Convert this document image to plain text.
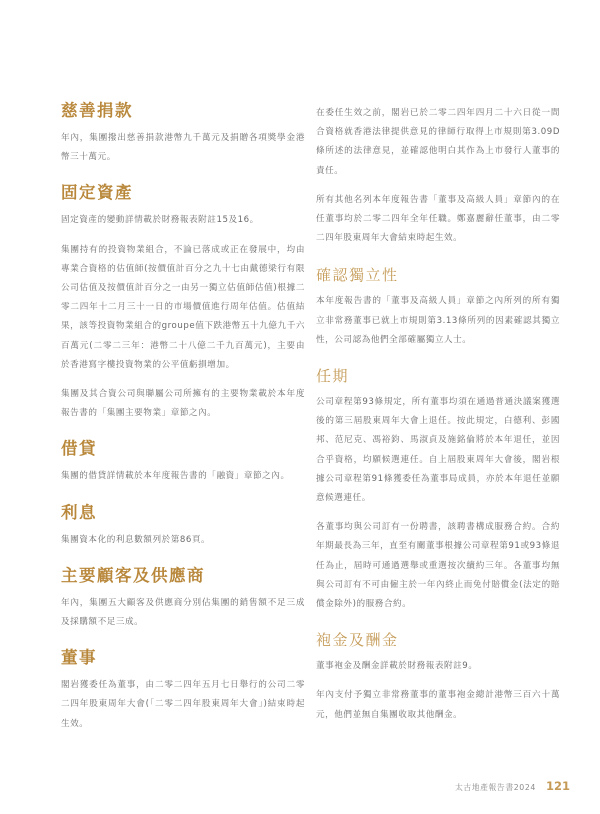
慈善捐款

年內，集團撥出慈善捐款港幣九千萬元及捐贈各項獎學金港幣三十萬元。

固定資產

固定資產的變動詳情載於財務報表附註15及16。

集團持有的投資物業組合，不論已落成或正在發展中，均由專業合資格的估值師(按價值計百分之九十七由戴德梁行有限公司估值及按價值計百分之一由另一獨立估值師估值)根據二零二四年十二月三十一日的市場價值進行周年估值。估值結果，該等投資物業組合的groupe值下跌港幣五十九億九千六百萬元(二零二三年：港幣二十八億二千九百萬元)，主要由於香港寫字樓投資物業的公平值虧損增加。

集團及其合資公司與聯屬公司所擁有的主要物業載於本年度報告書的「集團主要物業」章節之內。

借貸

集團的借貸詳情載於本年度報告書的「融資」章節之內。

利息

集團資本化的利息數額列於第86頁。

主要顧客及供應商

年內，集團五大顧客及供應商分別佔集團的銷售額不足三成及採購額不足三成。

董事

閣岩獲委任為董事，由二零二四年五月七日舉行的公司二零二四年股東周年大會(「二零二四年股東周年大會」)結束時起生效。

在委任生效之前，閣岩已於二零二四年四月二十六日從一間合資格就香港法律提供意見的律師行取得上市規則第3.09D條所述的法律意見，並確認他明白其作為上市發行人董事的責任。

所有其他名列本年度報告書「董事及高級人員」章節內的在任董事均於二零二四年全年任職。鄭嘉麗辭任董事，由二零二四年股東周年大會結束時起生效。

確認獨立性

本年度報告書的「董事及高級人員」章節之內所列的所有獨立非常務董事已就上市規則第3.13條所列的因素確認其獨立性，公司認為他們全部確屬獨立人士。

任期

公司章程第93條規定，所有董事均須在通過普通決議案獲選後的第三屆股東周年大會上退任。按此規定，白德利、彭國邦、范尼克、馮裕鈞、馬淑貞及施銘倫將於本年退任，並因合乎資格，均願候選連任。自上屆股東周年大會後，閣岩根據公司章程第91條獲委任為董事局成員，亦於本年退任並願意候選連任。

各董事均與公司訂有一份聘書，該聘書構成服務合約。合約年期最長為三年，直至有關董事根據公司章程第91或93條退任為止，屆時可通過選舉或重選按次續約三年。各董事均無與公司訂有不可由僱主於一年內終止而免付賠償金(法定的賠償金除外)的服務合約。

袍金及酬金

董事袍金及酬金詳載於財務報表附註9。

年內支付予獨立非常務董事的董事袍金總計港幣三百六十萬元，他們並無自集團收取其他酬金。

太古地產報告書2024 121
